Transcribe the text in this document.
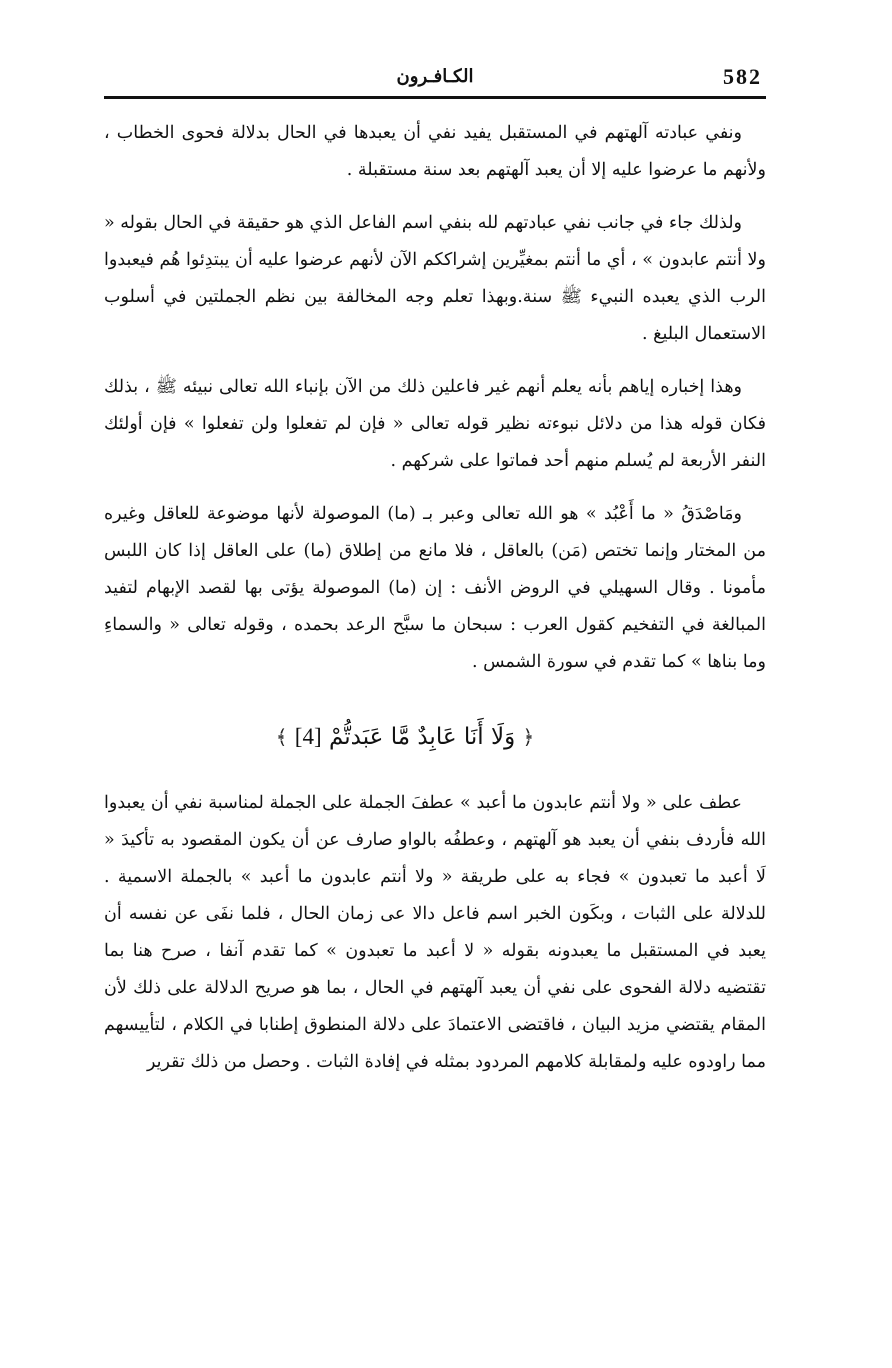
582
الكـافـرون

ونفي عبادته آلهتهم في المستقبل يفيد نفي أن يعبدها في الحال بدلالة فحوى الخطاب ، ولأنهم ما عرضوا عليه إلا أن يعبد آلهتهم بعد سنة مستقبلة .

ولذلك جاء في جانب نفي عبادتهم لله بنفي اسم الفاعل الذي هو حقيقة في الحال بقوله « ولا أنتم عابدون » ، أي ما أنتم بمغيِّرين إشراككم الآن لأنهم عرضوا عليه أن يبتدِئوا هُم فيعبدوا الرب الذي يعبده النبيء ﷺ سنة.وبهذا تعلم وجه المخالفة بين نظم الجملتين في أسلوب الاستعمال البليغ .

وهذا إخباره إياهم بأنه يعلم أنهم غير فاعلين ذلك من الآن بإنباء الله تعالى نبيئه ﷺ ، بذلك فكان قوله هذا من دلائل نبوءته نظير قوله تعالى « فإن لم تفعلوا ولن تفعلوا » فإن أولئك النفر الأربعة لم يُسلم منهم أحد فماتوا على شركهم .

ومَاصْدَقُ « ما أَعْبُد » هو الله تعالى وعبر بـ (ما) الموصولة لأنها موضوعة للعاقل وغيره من المختار وإنما تختص (مَن) بالعاقل ، فلا مانع من إطلاق (ما) على العاقل إذا كان اللبس مأمونا . وقال السهيلي في الروض الأنف : إن (ما) الموصولة يؤتى بها لقصد الإبهام لتفيد المبالغة في التفخيم كقول العرب : سبحان ما سبَّح الرعد بحمده ، وقوله تعالى « والسماءِ وما بناها » كما تقدم في سورة الشمس .

﴿ وَلَا أَنَا عَابِدٌ مَّا عَبَدتُّمْ [4] ﴾

عطف على « ولا أنتم عابدون ما أعبد » عطفَ الجملة على الجملة لمناسبة نفي أن يعبدوا الله فأردف بنفي أن يعبد هو آلهتهم ، وعطفُه بالواو صارف عن أن يكون المقصود به تأكيدَ « لَا أعبد ما تعبدون » فجاء به على طريقة « ولا أنتم عابدون ما أعبد » بالجملة الاسمية . للدلالة على الثبات ، وبكَون الخبر اسم فاعل دالا عى زمان الحال ، فلما نفَى عن نفسه أن يعبد في المستقبل ما يعبدونه بقوله « لا أعبد ما تعبدون » كما تقدم آنفا ، صرح هنا بما تقتضيه دلالة الفحوى على نفي أن يعبد آلهتهم في الحال ، بما هو صريح الدلالة على ذلك لأن المقام يقتضي مزيد البيان ، فاقتضى الاعتمادَ على دلالة المنطوق إطنابا في الكلام ، لتأييسهم مما راودوه عليه ولمقابلة كلامهم المردود بمثله في إفادة الثبات . وحصل من ذلك تقرير
